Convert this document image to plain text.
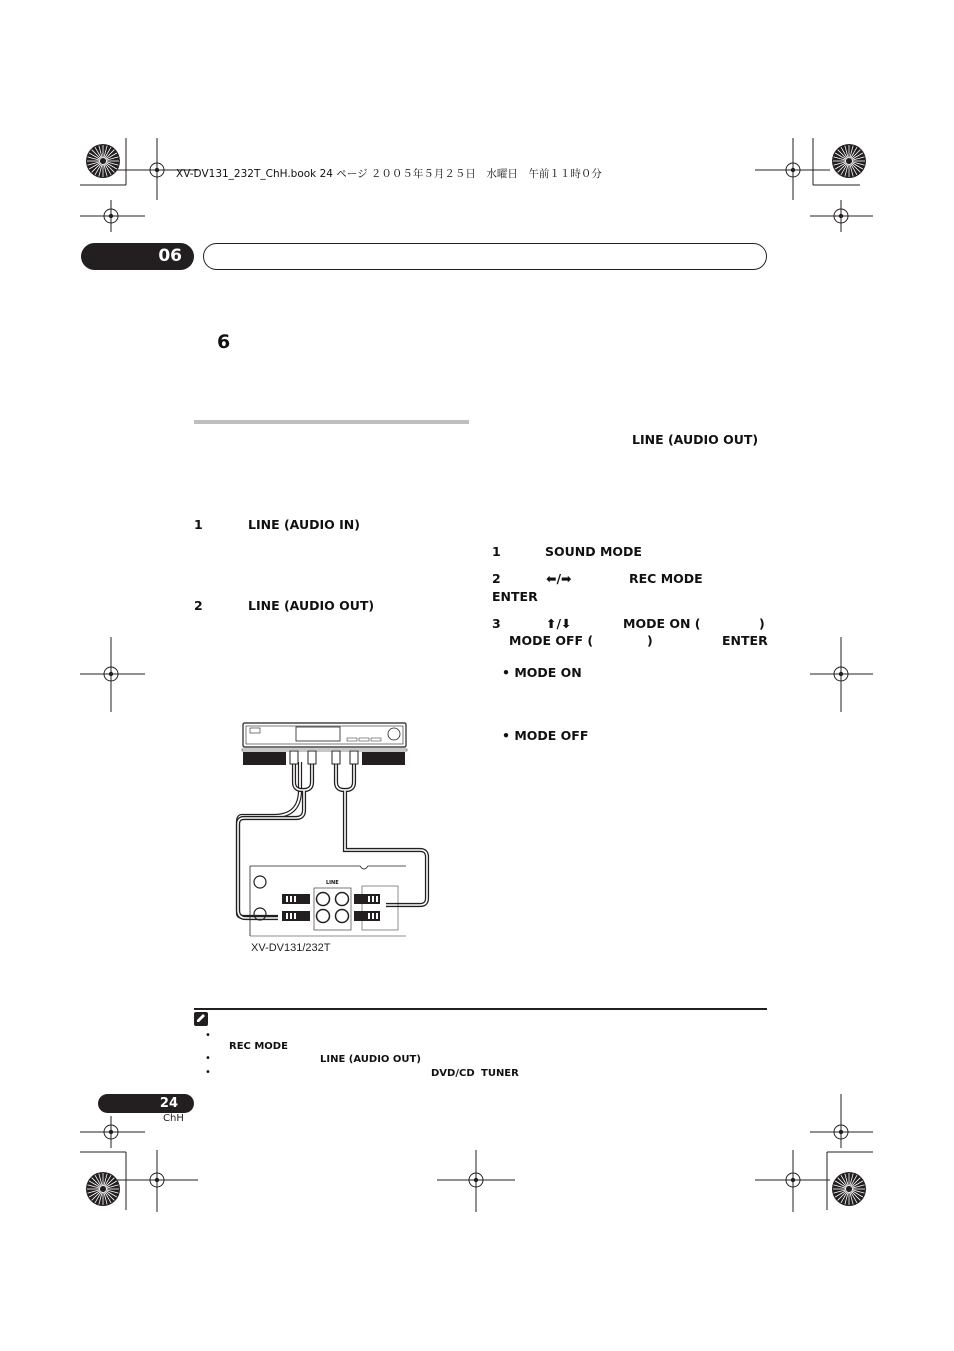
XV-DV131_232T_ChH.book 24 ページ ２００５年５月２５日　水曜日　午前１１時０分
06
6
1	LINE (AUDIO IN)
2	LINE (AUDIO OUT)
LINE (AUDIO OUT)
1	SOUND MODE
2	⬅/➡	REC MODE
ENTER
3	⬆/⬇	MODE ON (	)
MODE OFF (	)	ENTER
• MODE ON
• MODE OFF
LINE
XV-DV131/232T
•
REC MODE
•	LINE (AUDIO OUT)
•	DVD/CD TUNER
24
ChH
